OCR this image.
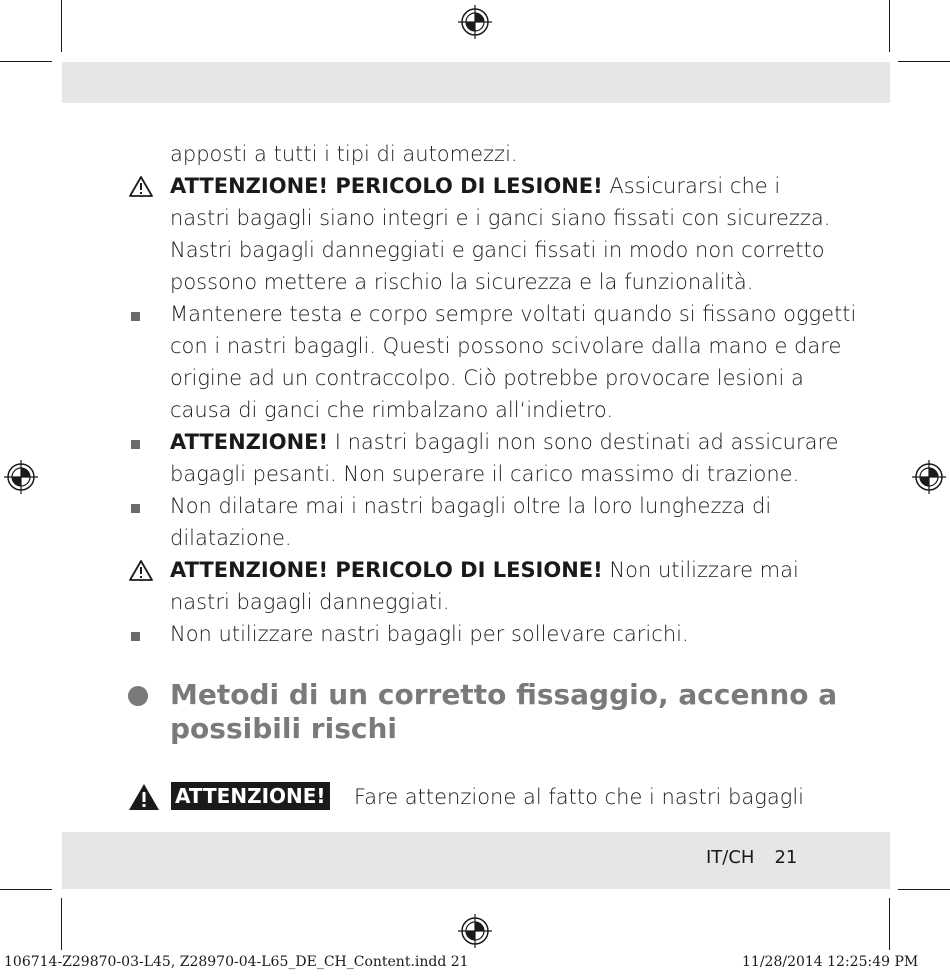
apposti a tutti i tipi di automezzi.
ATTENZIONE! PERICOLO DI LESIONE! Assicurarsi che i
nastri bagagli siano integri e i ganci siano fissati con sicurezza.
Nastri bagagli danneggiati e ganci fissati in modo non corretto
possono mettere a rischio la sicurezza e la funzionalità.
Mantenere testa e corpo sempre voltati quando si fissano oggetti
con i nastri bagagli. Questi possono scivolare dalla mano e dare
origine ad un contraccolpo. Ciò potrebbe provocare lesioni a
causa di ganci che rimbalzano all‘indietro.
ATTENZIONE! I nastri bagagli non sono destinati ad assicurare
bagagli pesanti. Non superare il carico massimo di trazione.
Non dilatare mai i nastri bagagli oltre la loro lunghezza di
dilatazione.
ATTENZIONE! PERICOLO DI LESIONE! Non utilizzare mai
nastri bagagli danneggiati.
Non utilizzare nastri bagagli per sollevare carichi.
Metodi di un corretto fissaggio, accenno a
possibili rischi
ATTENZIONE! Fare attenzione al fatto che i nastri bagagli
IT/CH 21
106714-Z29870-03-L45, Z28970-04-L65_DE_CH_Content.indd 21	11/28/2014 12:25:49 PM
